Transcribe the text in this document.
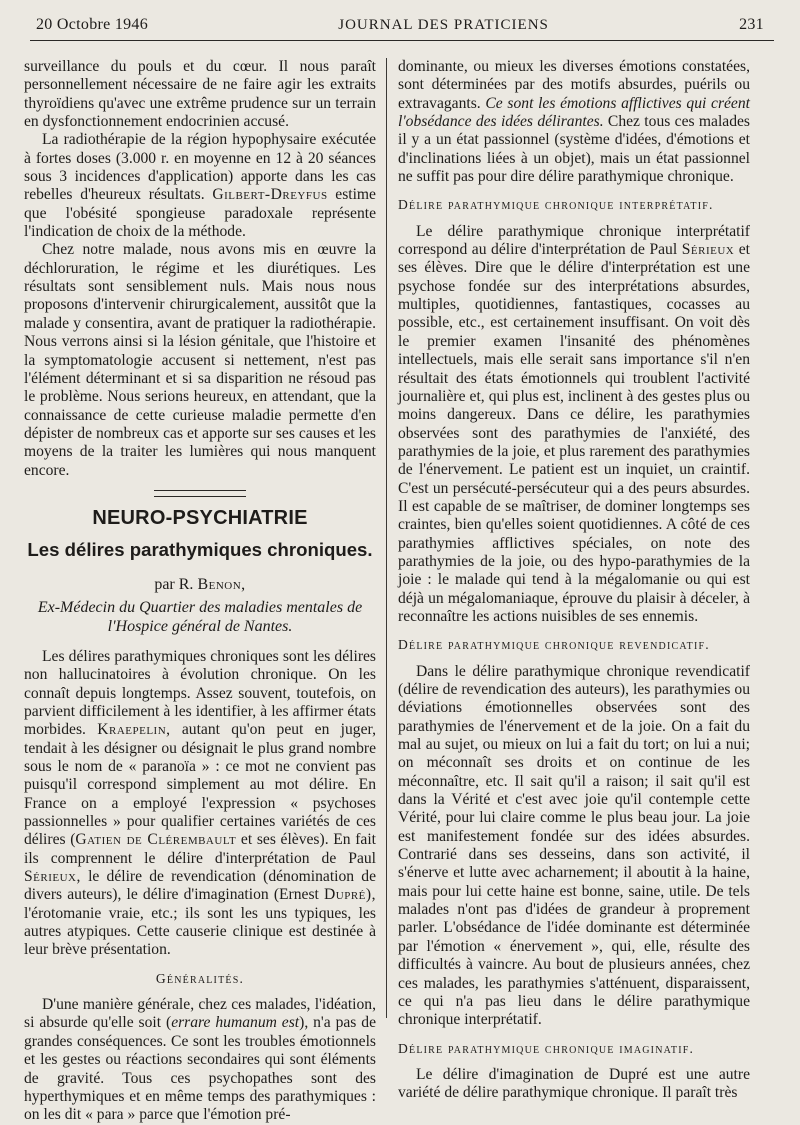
20 Octobre 1946	JOURNAL DES PRATICIENS	231

surveillance du pouls et du cœur. Il nous paraît personnellement nécessaire de ne faire agir les extraits thyroïdiens qu'avec une extrême prudence sur un terrain en dysfonctionnement endocrinien accusé.

La radiothérapie de la région hypophysaire exécutée à fortes doses (3.000 r. en moyenne en 12 à 20 séances sous 3 incidences d'application) apporte dans les cas rebelles d'heureux résultats. Gilbert-Dreyfus estime que l'obésité spongieuse paradoxale représente l'indication de choix de la méthode.

Chez notre malade, nous avons mis en œuvre la déchloruration, le régime et les diurétiques. Les résultats sont sensiblement nuls. Mais nous nous proposons d'intervenir chirurgicalement, aussitôt que la malade y consentira, avant de pratiquer la radiothérapie. Nous verrons ainsi si la lésion génitale, que l'histoire et la symptomatologie accusent si nettement, n'est pas l'élément déterminant et si sa disparition ne résoud pas le problème. Nous serions heureux, en attendant, que la connaissance de cette curieuse maladie permette d'en dépister de nombreux cas et apporte sur ses causes et les moyens de la traiter les lumières qui nous manquent encore.

NEURO-PSYCHIATRIE
Les délires parathymiques chroniques.
par R. Benon,
Ex-Médecin du Quartier des maladies mentales de l'Hospice général de Nantes.

Les délires parathymiques chroniques sont les délires non hallucinatoires à évolution chronique. On les connaît depuis longtemps. Assez souvent, toutefois, on parvient difficilement à les identifier, à les affirmer états morbides. Kraepelin, autant qu'on peut en juger, tendait à les désigner ou désignait le plus grand nombre sous le nom de « paranoïa » : ce mot ne convient pas puisqu'il correspond simplement au mot délire. En France on a employé l'expression « psychoses passionnelles » pour qualifier certaines variétés de ces délires (Gatien de Clérembault et ses élèves). En fait ils comprennent le délire d'interprétation de Paul Sérieux, le délire de revendication (dénomination de divers auteurs), le délire d'imagination (Ernest Dupré), l'érotomanie vraie, etc.; ils sont les uns typiques, les autres atypiques. Cette causerie clinique est destinée à leur brève présentation.

Généralités.

D'une manière générale, chez ces malades, l'idéation, si absurde qu'elle soit (errare humanum est), n'a pas de grandes conséquences. Ce sont les troubles émotionnels et les gestes ou réactions secondaires qui sont éléments de gravité. Tous ces psychopathes sont des hyperthymiques et en même temps des parathymiques : on les dit « para » parce que l'émotion pré-

dominante, ou mieux les diverses émotions constatées, sont déterminées par des motifs absurdes, puérils ou extravagants. Ce sont les émotions afflictives qui créent l'obsédance des idées délirantes. Chez tous ces malades il y a un état passionnel (système d'idées, d'émotions et d'inclinations liées à un objet), mais un état passionnel ne suffit pas pour dire délire parathymique chronique.

Délire parathymique chronique interprétatif.

Le délire parathymique chronique interprétatif correspond au délire d'interprétation de Paul Sérieux et ses élèves. Dire que le délire d'interprétation est une psychose fondée sur des interprétations absurdes, multiples, quotidiennes, fantastiques, cocasses au possible, etc., est certainement insuffisant. On voit dès le premier examen l'insanité des phénomènes intellectuels, mais elle serait sans importance s'il n'en résultait des états émotionnels qui troublent l'activité journalière et, qui plus est, inclinent à des gestes plus ou moins dangereux. Dans ce délire, les parathymies observées sont des parathymies de l'anxiété, des parathymies de la joie, et plus rarement des parathymies de l'énervement. Le patient est un inquiet, un craintif. C'est un persécuté-persécuteur qui a des peurs absurdes. Il est capable de se maîtriser, de dominer longtemps ses craintes, bien qu'elles soient quotidiennes. A côté de ces parathymies afflictives spéciales, on note des parathymies de la joie, ou des hypo-parathymies de la joie : le malade qui tend à la mégalomanie ou qui est déjà un mégalomaniaque, éprouve du plaisir à déceler, à reconnaître les actions nuisibles de ses ennemis.

Délire parathymique chronique revendicatif.

Dans le délire parathymique chronique revendicatif (délire de revendication des auteurs), les parathymies ou déviations émotionnelles observées sont des parathymies de l'énervement et de la joie. On a fait du mal au sujet, ou mieux on lui a fait du tort; on lui a nui; on méconnaît ses droits et on continue de les méconnaître, etc. Il sait qu'il a raison; il sait qu'il est dans la Vérité et c'est avec joie qu'il contemple cette Vérité, pour lui claire comme le plus beau jour. La joie est manifestement fondée sur des idées absurdes. Contrarié dans ses desseins, dans son activité, il s'énerve et lutte avec acharnement; il aboutit à la haine, mais pour lui cette haine est bonne, saine, utile. De tels malades n'ont pas d'idées de grandeur à proprement parler. L'obsédance de l'idée dominante est déterminée par l'émotion « énervement », qui, elle, résulte des difficultés à vaincre. Au bout de plusieurs années, chez ces malades, les parathymies s'atténuent, disparaissent, ce qui n'a pas lieu dans le délire parathymique chronique interprétatif.

Délire parathymique chronique imaginatif.

Le délire d'imagination de Dupré est une autre variété de délire parathymique chronique. Il paraît très
